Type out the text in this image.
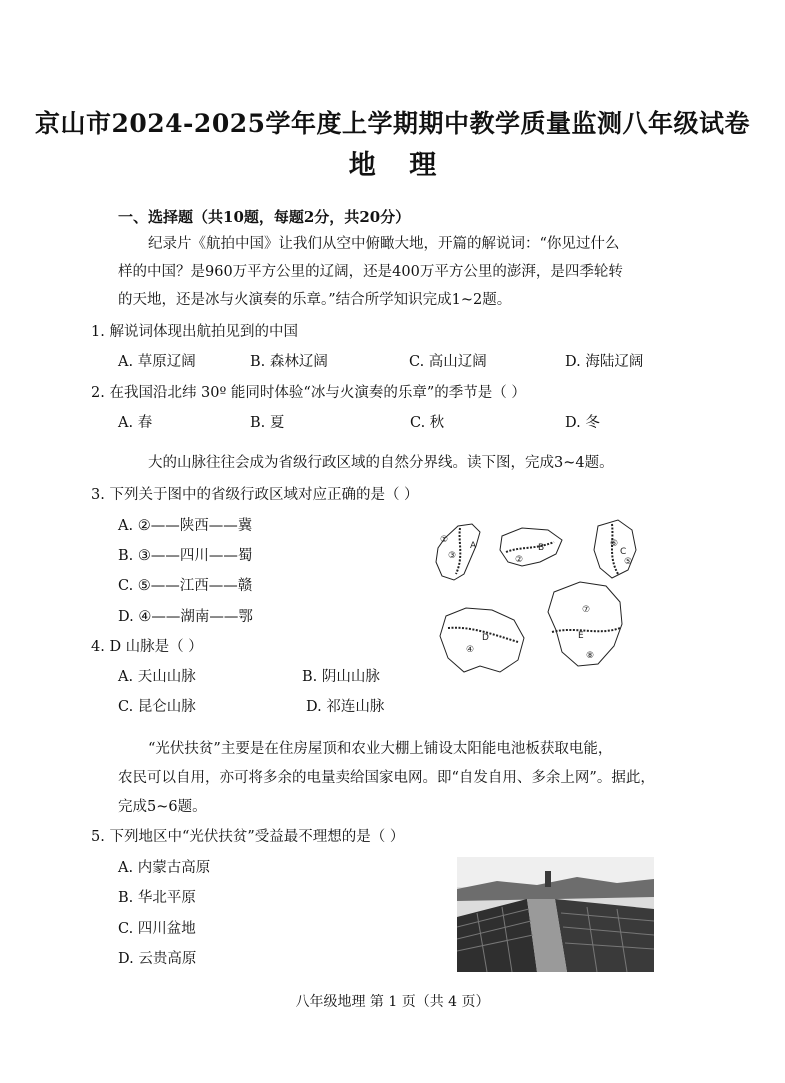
京山市2024-2025学年度上学期期中教学质量监测八年级试卷
地 理
一、选择题（共10题，每题2分，共20分）
纪录片《航拍中国》让我们从空中俯瞰大地，开篇的解说词：“你见过什么
样的中国？是960万平方公里的辽阔，还是400万平方公里的澎湃，是四季轮转
的天地，还是冰与火演奏的乐章。”结合所学知识完成1~2题。
1. 解说词体现出航拍见到的中国
A. 草原辽阔	B. 森林辽阔	C. 高山辽阔	D. 海陆辽阔
2. 在我国沿北纬 30º 能同时体验“冰与火演奏的乐章”的季节是（ ）
A. 春	B. 夏	C. 秋	D. 冬
大的山脉往往会成为省级行政区域的自然分界线。读下图，完成3~4题。
3. 下列关于图中的省级行政区域对应正确的是（ ）
A. ②——陕西——冀
B. ③——四川——蜀
C. ⑤——江西——赣
D. ④——湖南——鄂
4. D 山脉是（ ）
A. 天山山脉	B. 阴山山脉
C. 昆仑山脉	D. 祁连山脉
①
②
③
④
⑤
⑥
⑦
⑧
A	B	C
D	E
“光伏扶贫”主要是在住房屋顶和农业大棚上铺设太阳能电池板获取电能，
农民可以自用，亦可将多余的电量卖给国家电网。即“自发自用、多余上网”。据此，
完成5~6题。
5. 下列地区中“光伏扶贫”受益最不理想的是（ ）
A. 内蒙古高原
B. 华北平原
C. 四川盆地
D. 云贵高原
八年级地理 第 1 页（共 4 页）
